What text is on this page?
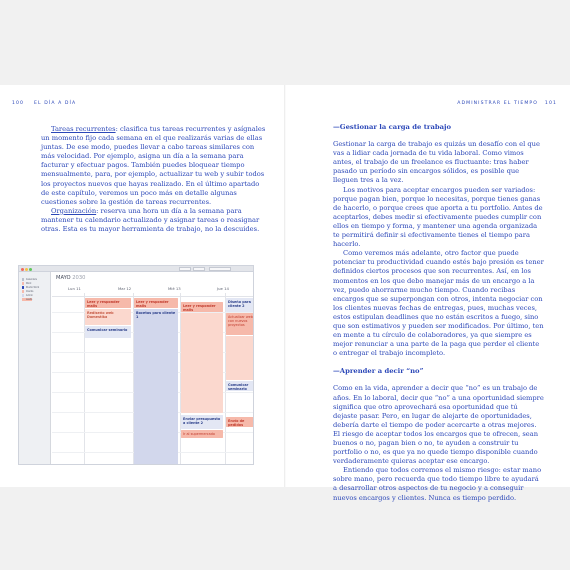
100 EL DÍA A DÍA	ADMINISTRAR EL TIEMPO 101

Tareas recurrentes: clasifica tus tareas recurrentes y asígnales un momento fijo cada semana en el que realizarás varias de ellas juntas. De ese modo, puedes llevar a cabo tareas similares con más velocidad. Por ejemplo, asigna un día a la semana para facturar y efectuar pagos. También puedes bloquear tiempo mensualmente, para, por ejemplo, actualizar tu web y subir todos los proyectos nuevos que hayas realizado. En el último apartado de este capítulo, veremos un poco más en detalle algunas cuestiones sobre la gestión de tareas recurrentes.

Organización: reserva una hora un día a la semana para mantener tu calendario actualizado y asignar tareas o reasignar otras. Esta es tu mayor herramienta de trabajo, no la descuides.

Calendars
Work
Studio Work
Clients
Admin
Leads
MAYO 2030
Lun 11	Mar 12	Mié 13	Jue 14
Leer y responder mails
Rediseño web Domestika
Comunicar seminario
Leer y responder mails
Bocetos para cliente 1
Leer y responder mails
Enviar presupuesto a cliente 2
Ir al supermercado
Diseño para cliente 2
Actualizar web con nuevos proyectos
Comunicar seminario
Envío de pedidos
—Gestionar la carga de trabajo

Gestionar la carga de trabajo es quizás un desafío con el que vas a lidiar cada jornada de tu vida laboral. Como vimos antes, el trabajo de un freelance es fluctuante: tras haber pasado un período sin encargos sólidos, es posible que lleguen tres a la vez.

Los motivos para aceptar encargos pueden ser variados: porque pagan bien, porque lo necesitas, porque tienes ganas de hacerlo, o porque crees que aporta a tu portfolio. Antes de aceptarlos, debes medir si efectivamente puedes cumplir con ellos en tiempo y forma, y mantener una agenda organizada te permitirá definir si efectivamente tienes el tiempo para hacerlo.

Como veremos más adelante, otro factor que puede potenciar tu productividad cuando estés bajo presión es tener definidos ciertos procesos que son recurrentes. Así, en los momentos en los que debo manejar más de un encargo a la vez, puedo ahorrarme mucho tiempo. Cuando recibas encargos que se superpongan con otros, intenta negociar con los clientes nuevas fechas de entregas, pues, muchas veces, estos estipulan deadlines que no están escritos a fuego, sino que son estimativos y pueden ser modificados. Por último, ten en mente a tu círculo de colaboradores, ya que siempre es mejor renunciar a una parte de la paga que perder el cliente o entregar el trabajo incompleto.

—Aprender a decir “no”

Como en la vida, aprender a decir que “no” es un trabajo de años. En lo laboral, decir que “no” a una oportunidad siempre significa que otro aprovechará esa oportunidad que tú dejaste pasar. Pero, en lugar de alejarte de oportunidades, debería darte el tiempo de poder acercarte a otras mejores. El riesgo de aceptar todos los encargos que te ofrecen, sean buenos o no, pagan bien o no, te ayuden a construir tu portfolio o no, es que ya no quede tiempo disponible cuando verdaderamente quieras aceptar ese encargo.

Entiendo que todos corremos el mismo riesgo: estar mano sobre mano, pero recuerda que todo tiempo libre te ayudará a desarrollar otros aspectos de tu negocio y a conseguir nuevos encargos y clientes. Nunca es tiempo perdido.
